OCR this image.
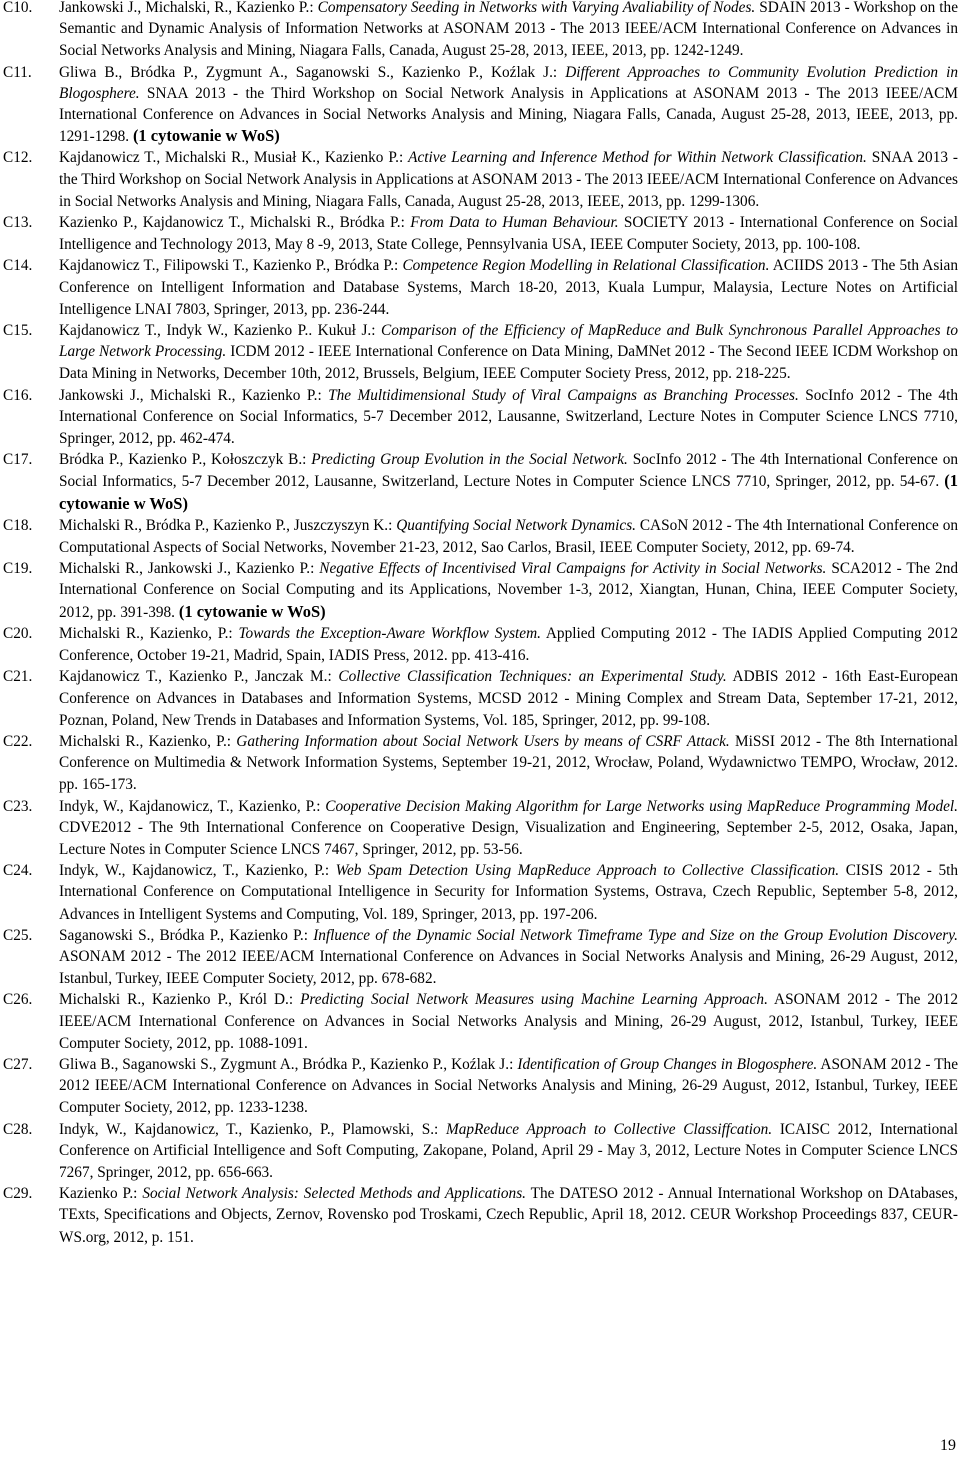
C10.	Jankowski J., Michalski, R., Kazienko P.: Compensatory Seeding in Networks with Varying Avaliability of Nodes. SDAIN 2013 - Workshop on the Semantic and Dynamic Analysis of Information Networks at ASONAM 2013 - The 2013 IEEE/ACM International Conference on Advances in Social Networks Analysis and Mining, Niagara Falls, Canada, August 25-28, 2013, IEEE, 2013, pp. 1242-1249.
C11.	Gliwa B., Bródka P., Zygmunt A., Saganowski S., Kazienko P., Koźlak J.: Different Approaches to Community Evolution Prediction in Blogosphere. SNAA 2013 - the Third Workshop on Social Network Analysis in Applications at ASONAM 2013 - The 2013 IEEE/ACM International Conference on Advances in Social Networks Analysis and Mining, Niagara Falls, Canada, August 25-28, 2013, IEEE, 2013, pp. 1291-1298. (1 cytowanie w WoS)
C12.	Kajdanowicz T., Michalski R., Musiał K., Kazienko P.: Active Learning and Inference Method for Within Network Classification. SNAA 2013 - the Third Workshop on Social Network Analysis in Applications at ASONAM 2013 - The 2013 IEEE/ACM International Conference on Advances in Social Networks Analysis and Mining, Niagara Falls, Canada, August 25-28, 2013, IEEE, 2013, pp. 1299-1306.
C13.	Kazienko P., Kajdanowicz T., Michalski R., Bródka P.: From Data to Human Behaviour. SOCIETY 2013 - International Conference on Social Intelligence and Technology 2013, May 8 -9, 2013, State College, Pennsylvania USA, IEEE Computer Society, 2013, pp. 100-108.
C14.	Kajdanowicz T., Filipowski T., Kazienko P., Bródka P.: Competence Region Modelling in Relational Classification. ACIIDS 2013 - The 5th Asian Conference on Intelligent Information and Database Systems, March 18-20, 2013, Kuala Lumpur, Malaysia, Lecture Notes on Artificial Intelligence LNAI 7803, Springer, 2013, pp. 236-244.
C15.	Kajdanowicz T., Indyk W., Kazienko P.. Kukuł J.: Comparison of the Efficiency of MapReduce and Bulk Synchronous Parallel Approaches to Large Network Processing. ICDM 2012 - IEEE International Conference on Data Mining, DaMNet 2012 - The Second IEEE ICDM Workshop on Data Mining in Networks, December 10th, 2012, Brussels, Belgium, IEEE Computer Society Press, 2012, pp. 218-225.
C16.	Jankowski J., Michalski R., Kazienko P.: The Multidimensional Study of Viral Campaigns as Branching Processes. SocInfo 2012 - The 4th International Conference on Social Informatics, 5-7 December 2012, Lausanne, Switzerland, Lecture Notes in Computer Science LNCS 7710, Springer, 2012, pp. 462-474.
C17.	Bródka P., Kazienko P., Kołoszczyk B.: Predicting Group Evolution in the Social Network. SocInfo 2012 - The 4th International Conference on Social Informatics, 5-7 December 2012, Lausanne, Switzerland, Lecture Notes in Computer Science LNCS 7710, Springer, 2012, pp. 54-67. (1 cytowanie w WoS)
C18.	Michalski R., Bródka P., Kazienko P., Juszczyszyn K.: Quantifying Social Network Dynamics. CASoN 2012 - The 4th International Conference on Computational Aspects of Social Networks, November 21-23, 2012, Sao Carlos, Brasil, IEEE Computer Society, 2012, pp. 69-74.
C19.	Michalski R., Jankowski J., Kazienko P.: Negative Effects of Incentivised Viral Campaigns for Activity in Social Networks. SCA2012 - The 2nd International Conference on Social Computing and its Applications, November 1-3, 2012, Xiangtan, Hunan, China, IEEE Computer Society, 2012, pp. 391-398. (1 cytowanie w WoS)
C20.	Michalski R., Kazienko, P.: Towards the Exception-Aware Workflow System. Applied Computing 2012 - The IADIS Applied Computing 2012 Conference, October 19-21, Madrid, Spain, IADIS Press, 2012. pp. 413-416.
C21.	Kajdanowicz T., Kazienko P., Janczak M.: Collective Classification Techniques: an Experimental Study. ADBIS 2012 - 16th East-European Conference on Advances in Databases and Information Systems, MCSD 2012 - Mining Complex and Stream Data, September 17-21, 2012, Poznan, Poland, New Trends in Databases and Information Systems, Vol. 185, Springer, 2012, pp. 99-108.
C22.	Michalski R., Kazienko, P.: Gathering Information about Social Network Users by means of CSRF Attack. MiSSI 2012 - The 8th International Conference on Multimedia & Network Information Systems, September 19-21, 2012, Wrocław, Poland, Wydawnictwo TEMPO, Wrocław, 2012. pp. 165-173.
C23.	Indyk, W., Kajdanowicz, T., Kazienko, P.: Cooperative Decision Making Algorithm for Large Networks using MapReduce Programming Model. CDVE2012 - The 9th International Conference on Cooperative Design, Visualization and Engineering, September 2-5, 2012, Osaka, Japan, Lecture Notes in Computer Science LNCS 7467, Springer, 2012, pp. 53-56.
C24.	Indyk, W., Kajdanowicz, T., Kazienko, P.: Web Spam Detection Using MapReduce Approach to Collective Classification. CISIS 2012 - 5th International Conference on Computational Intelligence in Security for Information Systems, Ostrava, Czech Republic, September 5-8, 2012, Advances in Intelligent Systems and Computing, Vol. 189, Springer, 2013, pp. 197-206.
C25.	Saganowski S., Bródka P., Kazienko P.: Influence of the Dynamic Social Network Timeframe Type and Size on the Group Evolution Discovery. ASONAM 2012 - The 2012 IEEE/ACM International Conference on Advances in Social Networks Analysis and Mining, 26-29 August, 2012, Istanbul, Turkey, IEEE Computer Society, 2012, pp. 678-682.
C26.	Michalski R., Kazienko P., Król D.: Predicting Social Network Measures using Machine Learning Approach. ASONAM 2012 - The 2012 IEEE/ACM International Conference on Advances in Social Networks Analysis and Mining, 26-29 August, 2012, Istanbul, Turkey, IEEE Computer Society, 2012, pp. 1088-1091.
C27.	Gliwa B., Saganowski S., Zygmunt A., Bródka P., Kazienko P., Koźlak J.: Identification of Group Changes in Blogosphere. ASONAM 2012 - The 2012 IEEE/ACM International Conference on Advances in Social Networks Analysis and Mining, 26-29 August, 2012, Istanbul, Turkey, IEEE Computer Society, 2012, pp. 1233-1238.
C28.	Indyk, W., Kajdanowicz, T., Kazienko, P., Plamowski, S.: MapReduce Approach to Collective Classiffcation. ICAISC 2012, International Conference on Artificial Intelligence and Soft Computing, Zakopane, Poland, April 29 - May 3, 2012, Lecture Notes in Computer Science LNCS 7267, Springer, 2012, pp. 656-663.
C29.	Kazienko P.: Social Network Analysis: Selected Methods and Applications. The DATESO 2012 - Annual International Workshop on DAtabases, TExts, Specifications and Objects, Zernov, Rovensko pod Troskami, Czech Republic, April 18, 2012. CEUR Workshop Proceedings 837, CEUR-WS.org, 2012, p. 151.
19
